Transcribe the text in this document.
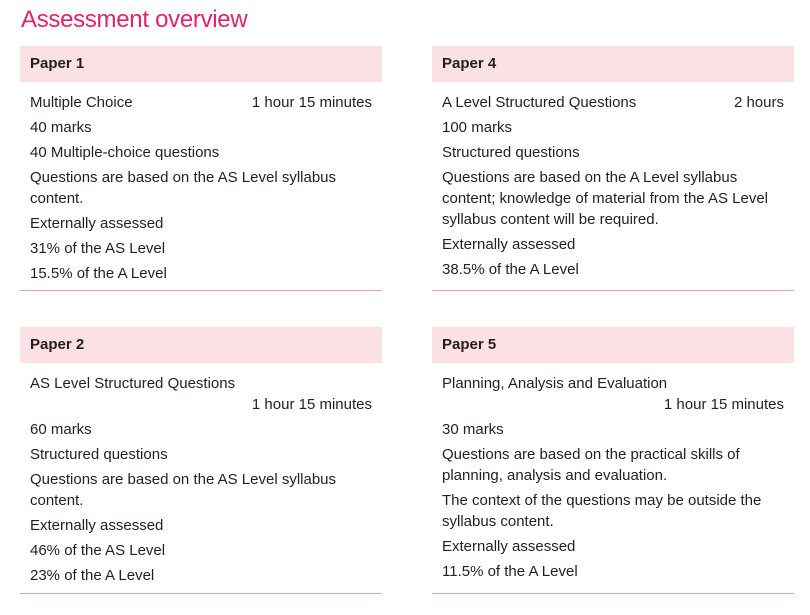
Assessment overview
Paper 1
Multiple Choice	1 hour 15 minutes
40 marks
40 Multiple-choice questions
Questions are based on the AS Level syllabus content.
Externally assessed
31% of the AS Level
15.5% of the A Level
Paper 4
A Level Structured Questions	2 hours
100 marks
Structured questions
Questions are based on the A Level syllabus content; knowledge of material from the AS Level syllabus content will be required.
Externally assessed
38.5% of the A Level
Paper 2
AS Level Structured Questions
1 hour 15 minutes
60 marks
Structured questions
Questions are based on the AS Level syllabus content.
Externally assessed
46% of the AS Level
23% of the A Level
Paper 5
Planning, Analysis and Evaluation
1 hour 15 minutes
30 marks
Questions are based on the practical skills of planning, analysis and evaluation.
The context of the questions may be outside the syllabus content.
Externally assessed
11.5% of the A Level
